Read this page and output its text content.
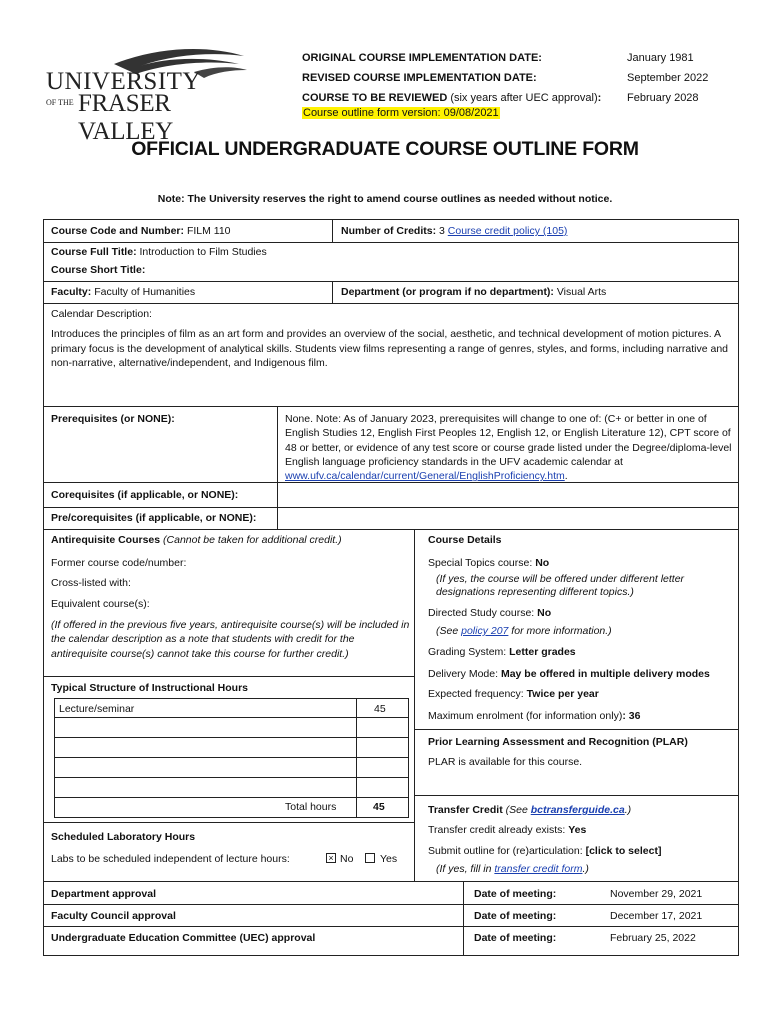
UNIVERSITY
OF THE FRASER VALLEY
ORIGINAL COURSE IMPLEMENTATION DATE:	January 1981
REVISED COURSE IMPLEMENTATION DATE:	September 2022
COURSE TO BE REVIEWED (six years after UEC approval): February 2028
Course outline form version: 09/08/2021
OFFICIAL UNDERGRADUATE COURSE OUTLINE FORM
Note: The University reserves the right to amend course outlines as needed without notice.
Course Code and Number: FILM 110	Number of Credits: 3 Course credit policy (105)
Course Full Title: Introduction to Film Studies
Course Short Title:
Faculty: Faculty of Humanities	Department (or program if no department): Visual Arts
Calendar Description:
Introduces the principles of film as an art form and provides an overview of the social, aesthetic, and technical development of motion pictures. A primary focus is the development of analytical skills. Students view films representing a range of genres, styles, and forms, including narrative and non-narrative, alternative/independent, and Indigenous film.
Prerequisites (or NONE):	None. Note: As of January 2023, prerequisites will change to one of: (C+ or better in one of English Studies 12, English First Peoples 12, English 12, or English Literature 12), CPT score of 48 or better, or evidence of any test score or course grade listed under the Degree/diploma-level English language proficiency standards in the UFV academic calendar at www.ufv.ca/calendar/current/General/EnglishProficiency.htm.
Corequisites (if applicable, or NONE):
Pre/corequisites (if applicable, or NONE):
Antirequisite Courses (Cannot be taken for additional credit.)
Former course code/number:
Cross-listed with:
Equivalent course(s):
(If offered in the previous five years, antirequisite course(s) will be included in the calendar description as a note that students with credit for the antirequisite course(s) cannot take this course for further credit.)
Typical Structure of Instructional Hours
Lecture/seminar	45
Total hours	45
Scheduled Laboratory Hours
Labs to be scheduled independent of lecture hours:	× No	Yes
Course Details
Special Topics course: No
(If yes, the course will be offered under different letter designations representing different topics.)
Directed Study course: No
(See policy 207 for more information.)
Grading System: Letter grades
Delivery Mode: May be offered in multiple delivery modes
Expected frequency: Twice per year
Maximum enrolment (for information only): 36
Prior Learning Assessment and Recognition (PLAR)
PLAR is available for this course.
Transfer Credit (See bctransferguide.ca.)
Transfer credit already exists: Yes
Submit outline for (re)articulation: [click to select]
(If yes, fill in transfer credit form.)
Department approval	Date of meeting:	November 29, 2021
Faculty Council approval	Date of meeting:	December 17, 2021
Undergraduate Education Committee (UEC) approval	Date of meeting:	February 25, 2022
